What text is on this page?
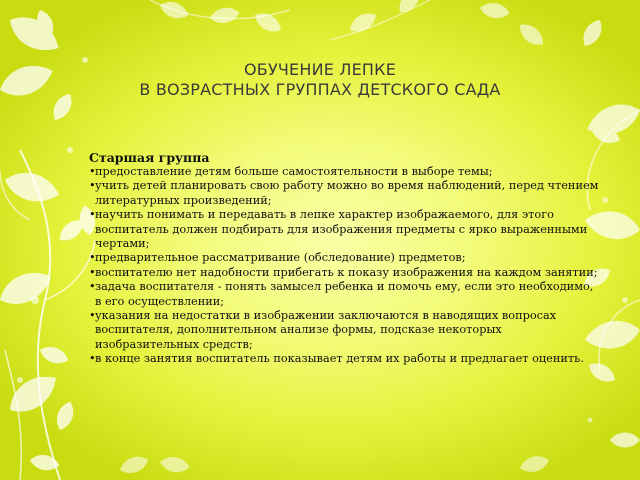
ОБУЧЕНИЕ ЛЕПКЕ
В ВОЗРАСТНЫХ ГРУППАХ ДЕТСКОГО САДА

Старшая группа

• предоставление детям больше самостоятельности в выборе темы;
• учить детей планировать свою работу можно во время наблюдений, перед чтением литературных произведений;
• научить понимать и передавать в лепке характер изображаемого, для этого воспитатель должен подбирать для изображения предметы с ярко выраженными чертами;
• предварительное рассматривание (обследование) предметов;
• воспитателю нет надобности прибегать к показу изображения на каждом занятии;
• задача воспитателя - понять замысел ребенка и помочь ему, если это необходимо, в его осуществлении;
• указания на недостатки в изображении заключаются в наводящих вопросах воспитателя, дополнительном анализе формы, подсказе некоторых изобразительных средств;
• в конце занятия воспитатель показывает детям их работы и предлагает оценить.
